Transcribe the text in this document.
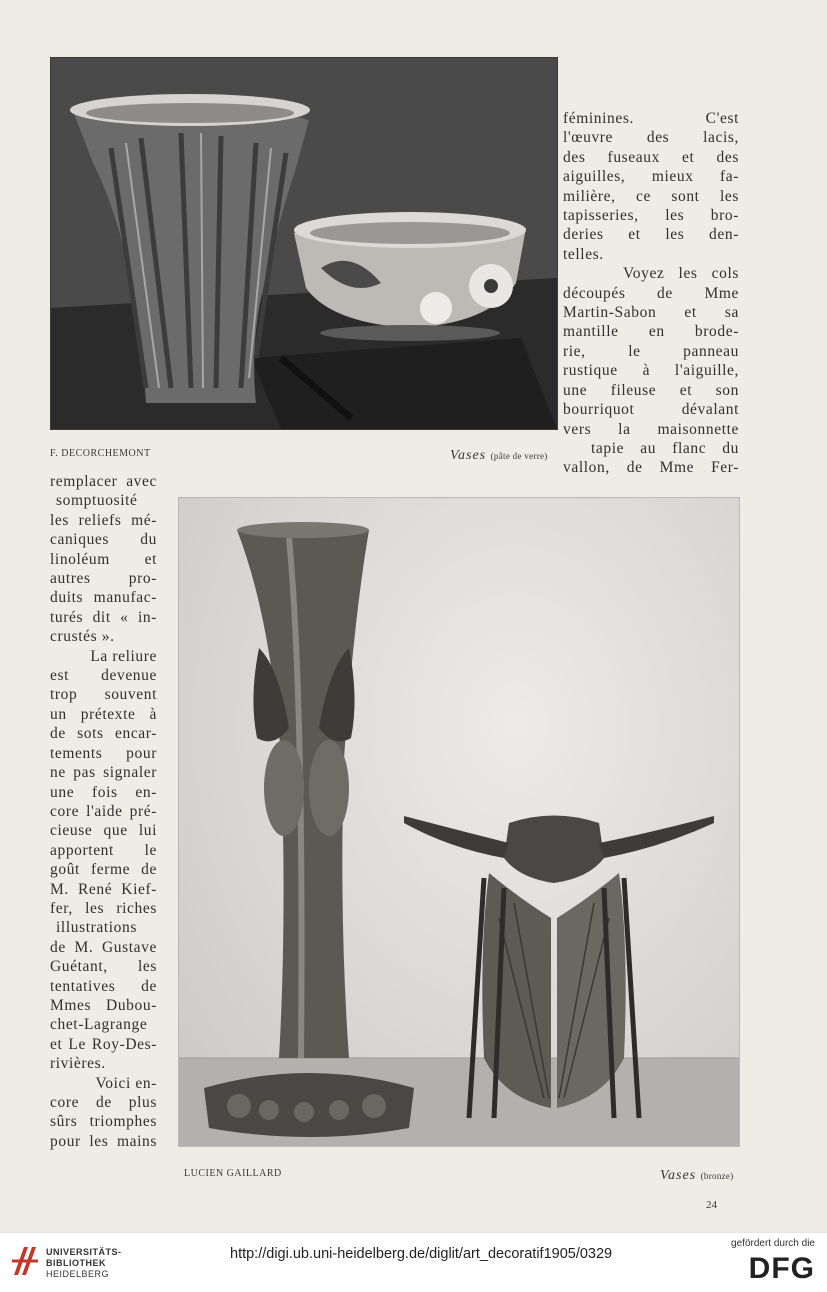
F. DECORCHEMONT	Vases (pâte de verre)
féminines. C'est
l'œuvre des lacis,
des fuseaux et des
aiguilles, mieux fa-
milière, ce sont les
tapisseries, les bro-
deries et les den-
telles.
Voyez les cols
découpés de Mme
Martin-Sabon et sa
mantille en brode-
rie, le panneau
rustique à l'aiguille,
une fileuse et son
bourriquot dévalant
vers la maisonnette
tapie au flanc du
vallon, de Mme Fer-
remplacer avec
somptuosité
les reliefs mé-
caniques du
linoléum et
autres pro-
duits manufac-
turés dit « in-
crustés ».
La reliure
est devenue
trop souvent
un prétexte à
de sots encar-
tements pour
ne pas signaler
une fois en-
core l'aide pré-
cieuse que lui
apportent le
goût ferme de
M. René Kief-
fer, les riches
illustrations
de M. Gustave
Guétant, les
tentatives de
Mmes Dubou-
chet-Lagrange
et Le Roy-Des-
rivières.
Voici en-
core de plus
sûrs triomphes
pour les mains
LUCIEN GAILLARD	Vases (bronze)
24
UNIVERSITÄTS-
BIBLIOTHEK
HEIDELBERG
http://digi.ub.uni-heidelberg.de/diglit/art_decoratif1905/0329
gefördert durch die
DFG
